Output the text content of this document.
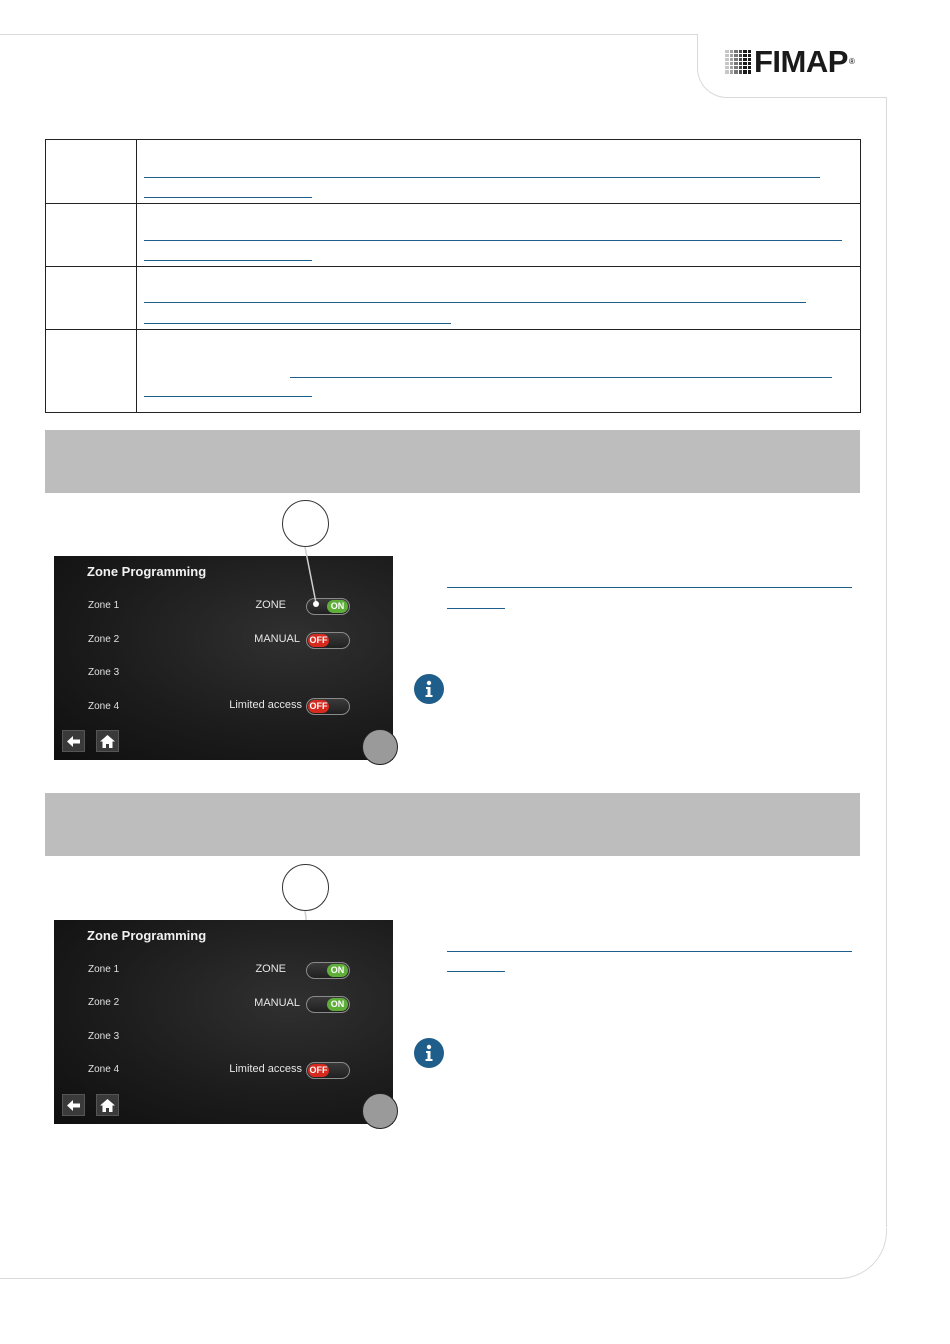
FIMAP ®

Zone Programming
Zone 1
Zone 2
Zone 3
Zone 4
ZONE	ON
MANUAL OFF
Limited access OFF
Zone Programming
Zone 1
Zone 2
Zone 3
Zone 4
ZONE	ON
MANUAL	ON
Limited access OFF
